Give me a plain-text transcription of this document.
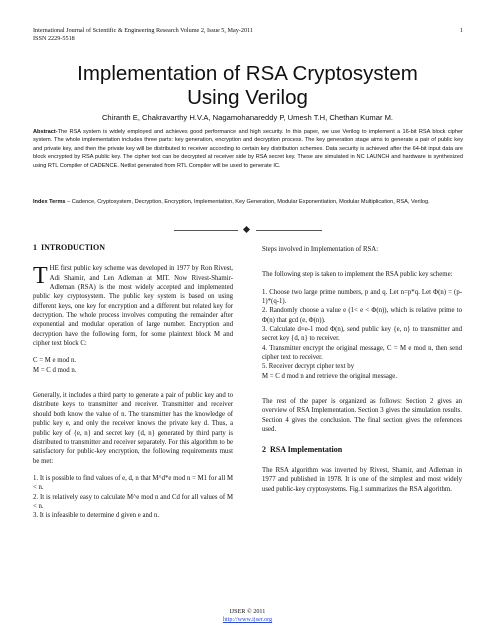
International Journal of Scientific & Engineering Research Volume 2, Issue 5, May-2011
ISSN 2229-5518
1
Implementation of RSA Cryptosystem
Using Verilog
Chiranth E, Chakravarthy H.V.A, Nagamohanareddy P, Umesh T.H, Chethan Kumar M.
Abstract-The RSA system is widely employed and achieves good performance and high security. In this paper, we use Verilog to implement a 16-bit RSA block cipher system. The whole implementation includes three parts: key generation, encryption and decryption process. The key generation stage aims to generate a pair of public key and private key, and then the private key will be distributed to receiver according to certain key distribution schemes. Data security is achieved after the 64-bit input data are block encrypted by RSA public key. The cipher text can be decrypted at receiver side by RSA secret key. These are simulated in NC LAUNCH and hardware is synthesized using RTL Compiler of CADENCE. Netlist generated from RTL Compiler will be used to generate IC.
Index Terms – Cadence, Cryptosystem, Decryption, Encryption, Implementation, Key Generation, Modular Exponentiation, Modular Multiplication, RSA, Verilog.
1 INTRODUCTION

THE first public key scheme was developed in 1977 by Ron Rivest, Adi Shamir, and Len Adleman at MIT. Now Rivest-Shamir-Adleman (RSA) is the most widely accepted and implemented public key cryptosystem. The public key system is based on using different keys, one key for encryption and a different but related key for decryption. The whole process involves computing the remainder after exponential and modular operation of large number. Encryption and decryption have the following form, for some plaintext block M and cipher text block C:

C = M e mod n.

M = C d mod n.

Generally, it includes a third party to generate a pair of public key and to distribute keys to transmitter and receiver. Transmitter and receiver should both know the value of n. The transmitter has the knowledge of public key e, and only the receiver knows the private key d. Thus, a public key of {e, n} and secret key {d, n} generated by third party is distributed to transmitter and receiver separately. For this algorithm to be satisfactory for public-key encryption, the following requirements must be met:

1. It is possible to find values of e, d, n that M^d*e mod n = M1 for all M < n.

2. It is relatively easy to calculate M^e mod n and Cd for all values of M < n.

3. It is infeasible to determine d given e and n.

Steps involved in Implementation of RSA:

The following step is taken to implement the RSA public key scheme:

1. Choose two large prime numbers, p and q. Let n=p*q. Let Φ(n) = (p-1)*(q-1).

2. Randomly choose a value e (1< e < Φ(n)), which is relative prime to Φ(n) that gcd (e, Φ(n)).

3. Calculate d≡e-1 mod Φ(n), send public key {e, n} to transmitter and secret key {d, n} to receiver.

4. Transmitter encrypt the original message, C = M e mod n, then send cipher text to receiver.

5. Receiver decrypt cipher text by

M = C d mod n and retrieve the original message.

The rest of the paper is organized as follows: Section 2 gives an overview of RSA Implementation. Section 3 gives the simulation results. Section 4 gives the conclusion. The final section gives the references used.

2 RSA Implementation

The RSA algorithm was inverted by Rivest, Shamir, and Adleman in 1977 and published in 1978. It is one of the simplest and most widely used public-key cryptosystems. Fig.1 summarizes the RSA algorithm.

IJSER © 2011
http://www.ijser.org
